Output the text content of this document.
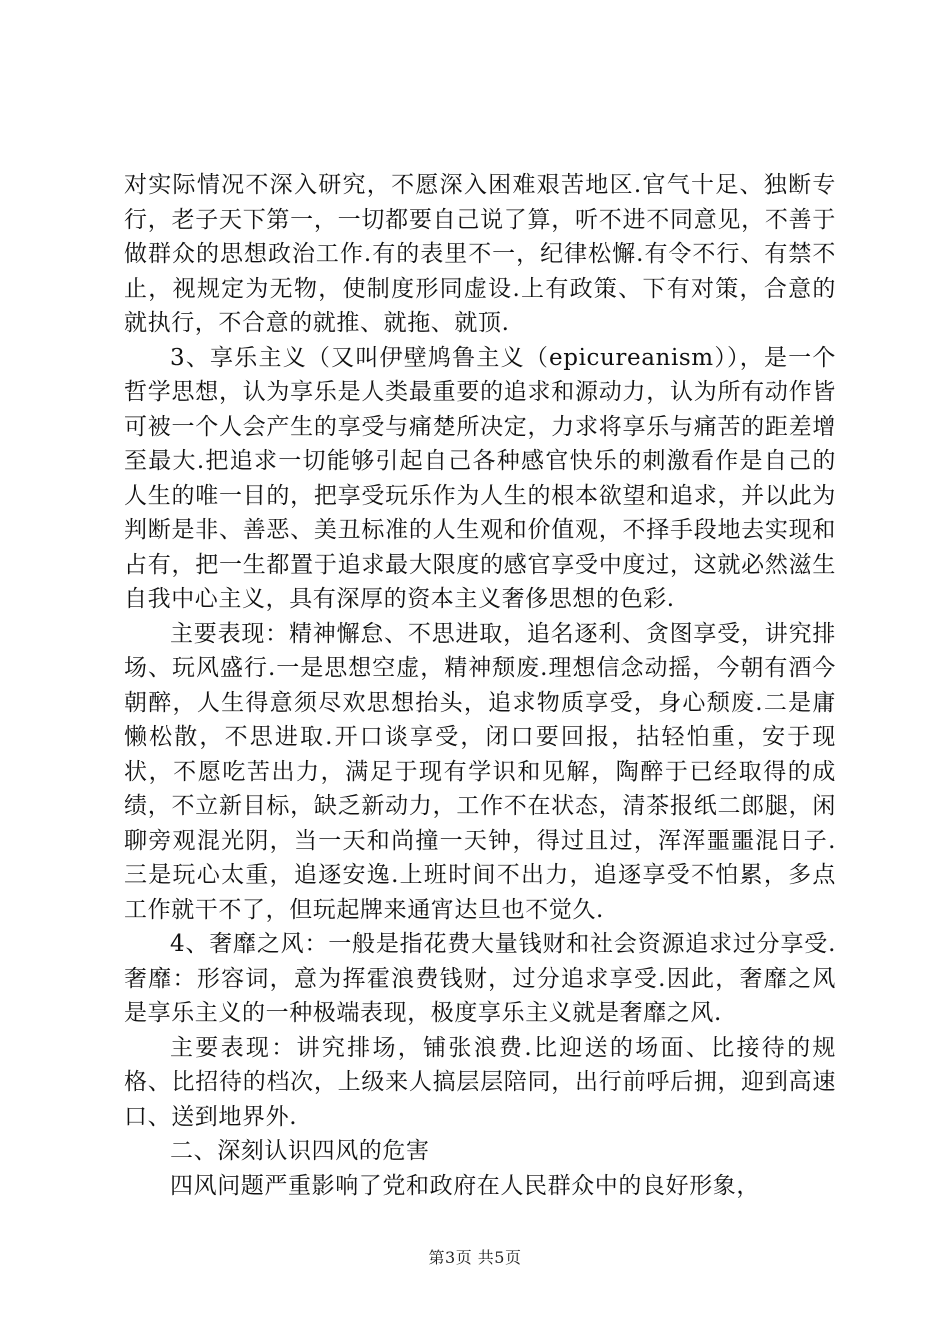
对实际情况不深入研究，不愿深入困难艰苦地区.官气十足、独断专行，老子天下第一，一切都要自己说了算，听不进不同意见，不善于做群众的思想政治工作.有的表里不一，纪律松懈.有令不行、有禁不止，视规定为无物，使制度形同虚设.上有政策、下有对策，合意的就执行，不合意的就推、就拖、就顶.

3、享乐主义（又叫伊壁鸠鲁主义（epicureanism）），是一个哲学思想，认为享乐是人类最重要的追求和源动力，认为所有动作皆可被一个人会产生的享受与痛楚所决定，力求将享乐与痛苦的距差增至最大.把追求一切能够引起自己各种感官快乐的刺激看作是自己的人生的唯一目的，把享受玩乐作为人生的根本欲望和追求，并以此为判断是非、善恶、美丑标准的人生观和价值观，不择手段地去实现和占有，把一生都置于追求最大限度的感官享受中度过，这就必然滋生自我中心主义，具有深厚的资本主义奢侈思想的色彩.

主要表现：精神懈怠、不思进取，追名逐利、贪图享受，讲究排场、玩风盛行.一是思想空虚，精神颓废.理想信念动摇，今朝有酒今朝醉，人生得意须尽欢思想抬头，追求物质享受，身心颓废.二是庸懒松散，不思进取.开口谈享受，闭口要回报，拈轻怕重，安于现状，不愿吃苦出力，满足于现有学识和见解，陶醉于已经取得的成绩，不立新目标，缺乏新动力，工作不在状态，清茶报纸二郎腿，闲聊旁观混光阴，当一天和尚撞一天钟，得过且过，浑浑噩噩混日子.三是玩心太重，追逐安逸.上班时间不出力，追逐享受不怕累，多点工作就干不了，但玩起牌来通宵达旦也不觉久.

4、奢靡之风：一般是指花费大量钱财和社会资源追求过分享受.奢靡：形容词，意为挥霍浪费钱财，过分追求享受.因此，奢靡之风是享乐主义的一种极端表现，极度享乐主义就是奢靡之风.

主要表现：讲究排场，铺张浪费.比迎送的场面、比接待的规格、比招待的档次，上级来人搞层层陪同，出行前呼后拥，迎到高速口、送到地界外.

二、深刻认识四风的危害

四风问题严重影响了党和政府在人民群众中的良好形象，

第3页 共5页
